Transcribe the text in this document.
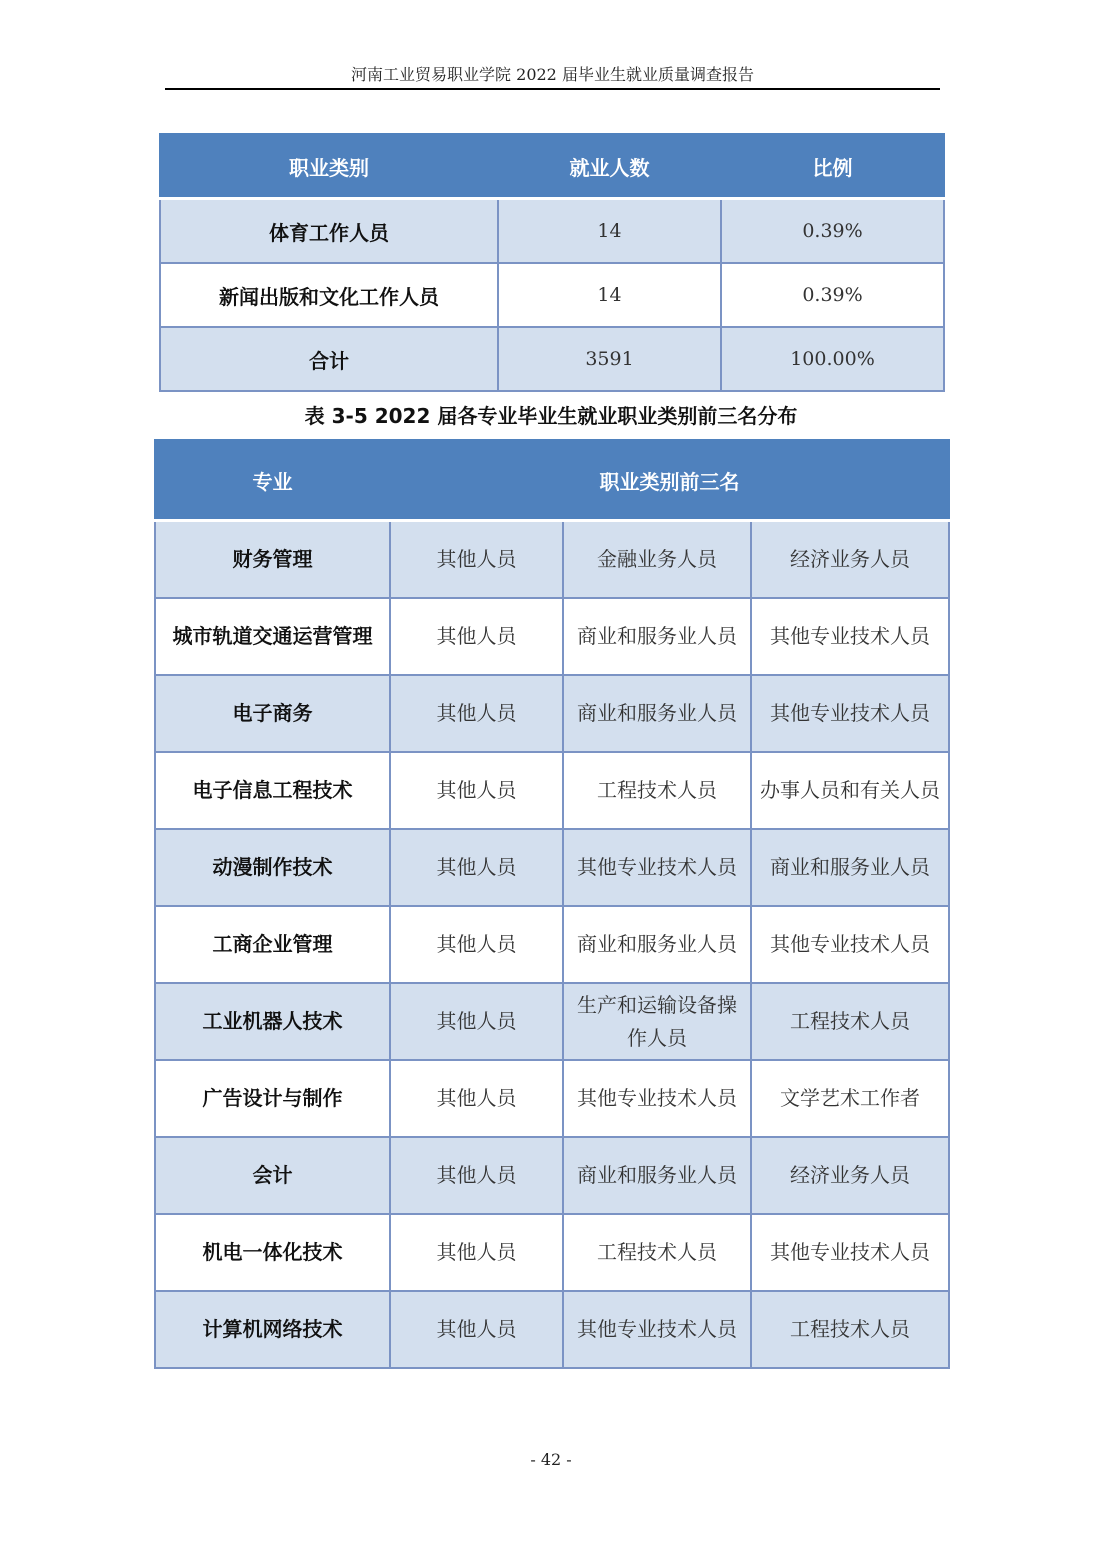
河南工业贸易职业学院 2022 届毕业生就业质量调查报告
职业类别	就业人数	比例
体育工作人员	14	0.39%
新闻出版和文化工作人员	14	0.39%
合计	3591	100.00%
表 3-5 2022 届各专业毕业生就业职业类别前三名分布
专业	职业类别前三名		
财务管理	其他人员	金融业务人员	经济业务人员
城市轨道交通运营管理	其他人员	商业和服务业人员	其他专业技术人员
电子商务	其他人员	商业和服务业人员	其他专业技术人员
电子信息工程技术	其他人员	工程技术人员	办事人员和有关人员
动漫制作技术	其他人员	其他专业技术人员	商业和服务业人员
工商企业管理	其他人员	商业和服务业人员	其他专业技术人员
工业机器人技术	其他人员	生产和运输设备操作人员	工程技术人员
广告设计与制作	其他人员	其他专业技术人员	文学艺术工作者
会计	其他人员	商业和服务业人员	经济业务人员
机电一体化技术	其他人员	工程技术人员	其他专业技术人员
计算机网络技术	其他人员	其他专业技术人员	工程技术人员
- 42 -
